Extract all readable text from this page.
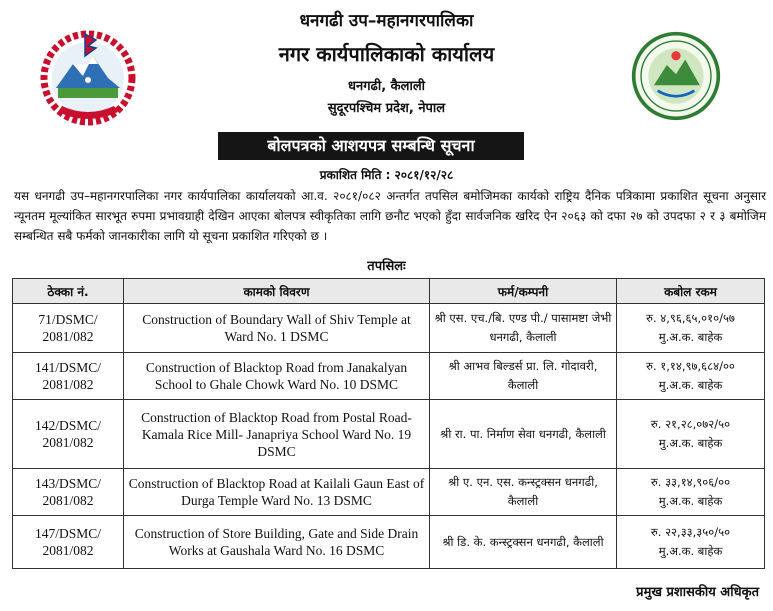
धनगढी उप–महानगरपालिका
नगर कार्यपालिकाको कार्यालय
धनगढी, कैलाली
सुदूरपश्चिम प्रदेश, नेपाल
बोलपत्रको आशयपत्र सम्बन्धि सूचना
प्रकाशित मिति : २०८१/१२/२८
यस धनगढी उप–महानगरपालिका नगर कार्यपालिका कार्यालयको आ.व. २०८१/०८२ अन्तर्गत तपसिल बमोजिमका कार्यको राष्ट्रिय दैनिक पत्रिकामा प्रकाशित सूचना अनुसार न्यूनतम मूल्यांकित सारभूत रुपमा प्रभावग्राही देखिन आएका बोलपत्र स्वीकृतिका लागि छनौट भएको हुँदा सार्वजनिक खरिद ऐन २०६३ को दफा २७ को उपदफा २ र ३ बमोजिम सम्बन्धित सबै फर्मको जानकारीका लागि यो सूचना प्रकाशित गरिएको छ ।
तपसिलः
ठेक्का नं.	कामको विवरण	फर्म/कम्पनी	कबोल रकम
71/DSMC/ 2081/082	Construction of Boundary Wall of Shiv Temple at Ward No. 1 DSMC	श्री एस. एच./बि. एण्ड पी./ पासामष्टा जेभी धनगढी, कैलाली	रु. ४,९६,६५,०१०/५७
मु.अ.क. बाहेक

141/DSMC/ 2081/082	Construction of Blacktop Road from Janakalyan School to Ghale Chowk Ward No. 10 DSMC	श्री आभव बिल्डर्स प्रा. लि. गोदावरी, कैलाली	रु. १,१४,९७,६८४/००
मु.अ.क. बाहेक

142/DSMC/ 2081/082	Construction of Blacktop Road from Postal Road- Kamala Rice Mill- Janapriya School Ward No. 19 DSMC	श्री रा. पा. निर्माण सेवा धनगढी, कैलाली	रु. २१,२८,०७२/५०
मु.अ.क. बाहेक

143/DSMC/ 2081/082	Construction of Blacktop Road at Kailali Gaun East of Durga Temple Ward No. 13 DSMC	श्री ए. एन. एस. कन्स्ट्रक्सन धनगढी, कैलाली	रु. ३३,१४,९०६/००
मु.अ.क. बाहेक

147/DSMC/ 2081/082	Construction of Store Building, Gate and Side Drain Works at Gaushala Ward No. 16 DSMC	श्री डि. के. कन्स्ट्रक्सन धनगढी, कैलाली	रु. २२,३३,३५०/५०
मु.अ.क. बाहेक
प्रमुख प्रशासकीय अधिकृत
